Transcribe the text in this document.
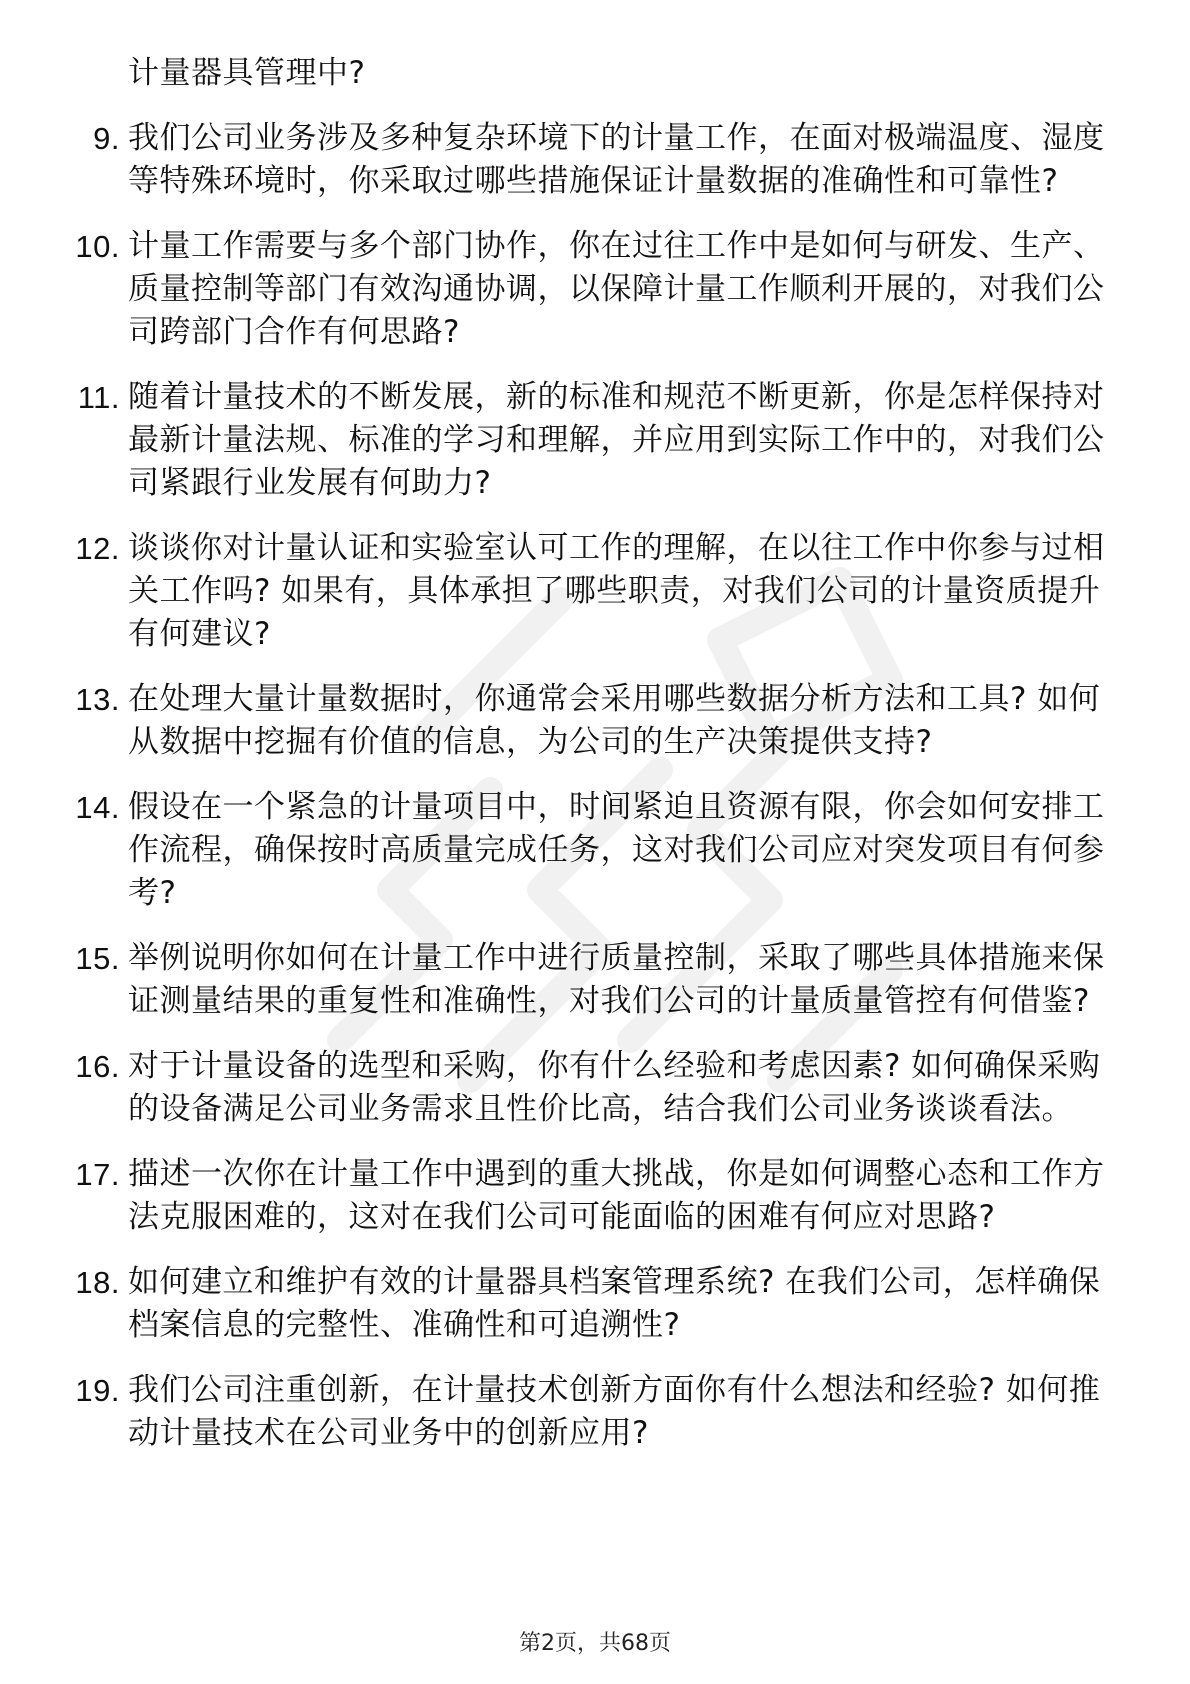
计量器具管理中?
9. 我们公司业务涉及多种复杂环境下的计量工作，在面对极端温度、湿度等特殊环境时，你采取过哪些措施保证计量数据的准确性和可靠性?
10. 计量工作需要与多个部门协作，你在过往工作中是如何与研发、生产、质量控制等部门有效沟通协调，以保障计量工作顺利开展的，对我们公司跨部门合作有何思路?
11. 随着计量技术的不断发展，新的标准和规范不断更新，你是怎样保持对最新计量法规、标准的学习和理解，并应用到实际工作中的，对我们公司紧跟行业发展有何助力?
12. 谈谈你对计量认证和实验室认可工作的理解，在以往工作中你参与过相关工作吗? 如果有，具体承担了哪些职责，对我们公司的计量资质提升有何建议?
13. 在处理大量计量数据时，你通常会采用哪些数据分析方法和工具? 如何从数据中挖掘有价值的信息，为公司的生产决策提供支持?
14. 假设在一个紧急的计量项目中，时间紧迫且资源有限，你会如何安排工作流程，确保按时高质量完成任务，这对我们公司应对突发项目有何参考?
15. 举例说明你如何在计量工作中进行质量控制，采取了哪些具体措施来保证测量结果的重复性和准确性，对我们公司的计量质量管控有何借鉴?
16. 对于计量设备的选型和采购，你有什么经验和考虑因素? 如何确保采购的设备满足公司业务需求且性价比高，结合我们公司业务谈谈看法。
17. 描述一次你在计量工作中遇到的重大挑战，你是如何调整心态和工作方法克服困难的，这对在我们公司可能面临的困难有何应对思路?
18. 如何建立和维护有效的计量器具档案管理系统? 在我们公司，怎样确保档案信息的完整性、准确性和可追溯性?
19. 我们公司注重创新，在计量技术创新方面你有什么想法和经验? 如何推动计量技术在公司业务中的创新应用?
第2页，共68页
